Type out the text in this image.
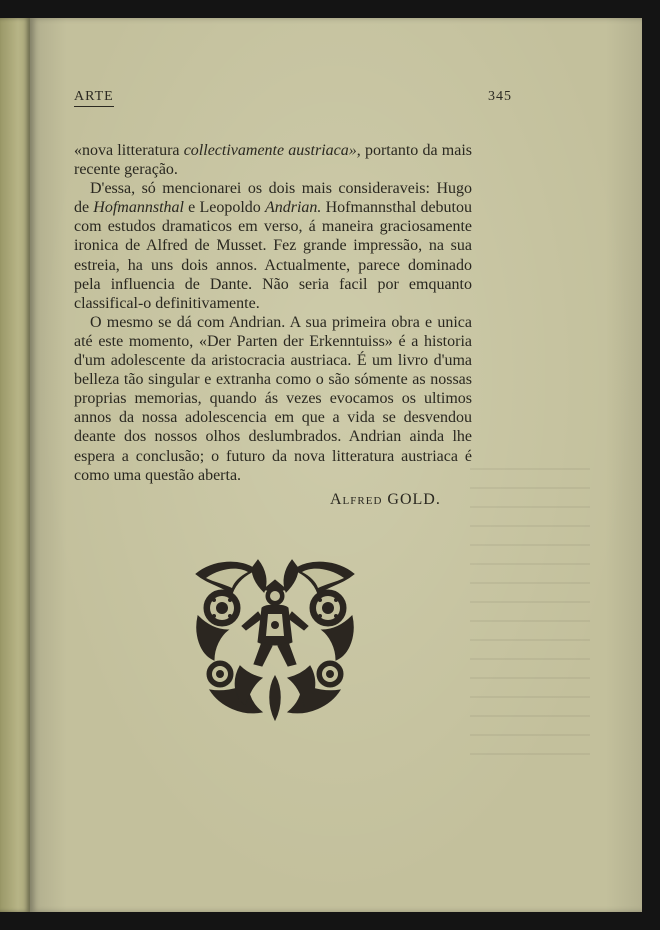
ARTE	345

«nova litteratura collectivamente austriaca», portanto da mais recente geração.

D'essa, só mencionarei os dois mais consideraveis: Hugo de Hofmannsthal e Leopoldo Andrian. Hofmannsthal debutou com estudos dramaticos em verso, á maneira graciosamente ironica de Alfred de Musset. Fez grande impressão, na sua estreia, ha uns dois annos. Actualmente, parece dominado pela influencia de Dante. Não seria facil por emquanto classifical-o definitivamente.

O mesmo se dá com Andrian. A sua primeira obra e unica até este momento, «Der Parten der Erkenntuiss» é a historia d'um adolescente da aristocracia austriaca. É um livro d'uma belleza tão singular e extranha como o são sómente as nossas proprias memorias, quando ás vezes evocamos os ultimos annos da nossa adolescencia em que a vida se desvendou deante dos nossos olhos deslumbrados. Andrian ainda lhe espera a conclusão; o futuro da nova litteratura austriaca é como uma questão aberta.

Alfred GOLD.
